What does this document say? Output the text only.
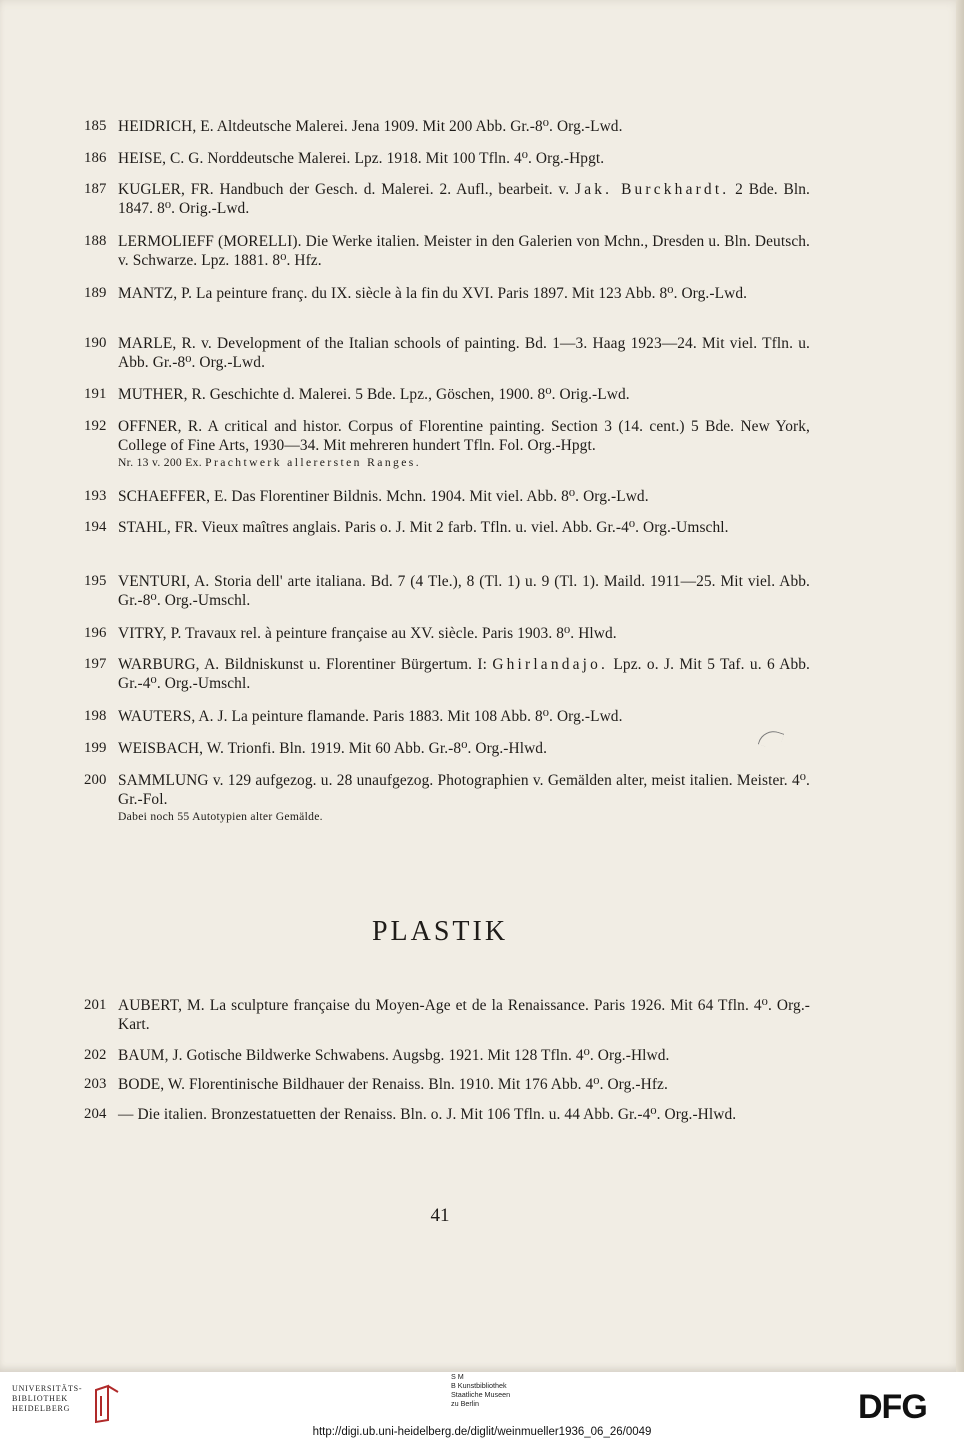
185 HEIDRICH, E. Altdeutsche Malerei. Jena 1909. Mit 200 Abb. Gr.-8⁰. Org.-Lwd.
186 HEISE, C. G. Norddeutsche Malerei. Lpz. 1918. Mit 100 Tfln. 4⁰. Org.-Hpgt.
187 KUGLER, FR. Handbuch der Gesch. d. Malerei. 2. Aufl., bearbeit. v. Jak. Burckhardt. 2 Bde. Bln. 1847. 8⁰. Orig.-Lwd.
188 LERMOLIEFF (MORELLI). Die Werke italien. Meister in den Galerien von Mchn., Dresden u. Bln. Deutsch. v. Schwarze. Lpz. 1881. 8⁰. Hfz.
189 MANTZ, P. La peinture franç. du IX. siècle à la fin du XVI. Paris 1897. Mit 123 Abb. 8⁰. Org.-Lwd.
190 MARLE, R. v. Development of the Italian schools of painting. Bd. 1—3. Haag 1923—24. Mit viel. Tfln. u. Abb. Gr.-8⁰. Org.-Lwd.
191 MUTHER, R. Geschichte d. Malerei. 5 Bde. Lpz., Göschen, 1900. 8⁰. Orig.-Lwd.
192 OFFNER, R. A critical and histor. Corpus of Florentine painting. Section 3 (14. cent.) 5 Bde. New York, College of Fine Arts, 1930—34. Mit mehreren hundert Tfln. Fol. Org.-Hpgt.
Nr. 13 v. 200 Ex. Prachtwerk allerersten Ranges.
193 SCHAEFFER, E. Das Florentiner Bildnis. Mchn. 1904. Mit viel. Abb. 8⁰. Org.-Lwd.
194 STAHL, FR. Vieux maîtres anglais. Paris o. J. Mit 2 farb. Tfln. u. viel. Abb. Gr.-4⁰. Org.-Umschl.
195 VENTURI, A. Storia dell' arte italiana. Bd. 7 (4 Tle.), 8 (Tl. 1) u. 9 (Tl. 1). Maild. 1911—25. Mit viel. Abb. Gr.-8⁰. Org.-Umschl.
196 VITRY, P. Travaux rel. à peinture française au XV. siècle. Paris 1903. 8⁰. Hlwd.
197 WARBURG, A. Bildniskunst u. Florentiner Bürgertum. I: Ghirlandajo. Lpz. o. J. Mit 5 Taf. u. 6 Abb. Gr.-4⁰. Org.-Umschl.
198 WAUTERS, A. J. La peinture flamande. Paris 1883. Mit 108 Abb. 8⁰. Org.-Lwd.
199 WEISBACH, W. Trionfi. Bln. 1919. Mit 60 Abb. Gr.-8⁰. Org.-Hlwd.
200 SAMMLUNG v. 129 aufgezog. u. 28 unaufgezog. Photographien v. Gemälden alter, meist italien. Meister. 4⁰. Gr.-Fol.
Dabei noch 55 Autotypien alter Gemälde.
PLASTIK
201 AUBERT, M. La sculpture française du Moyen-Age et de la Renaissance. Paris 1926. Mit 64 Tfln. 4⁰. Org.-Kart.
202 BAUM, J. Gotische Bildwerke Schwabens. Augsbg. 1921. Mit 128 Tfln. 4⁰. Org.-Hlwd.
203 BODE, W. Florentinische Bildhauer der Renaiss. Bln. 1910. Mit 176 Abb. 4⁰. Org.-Hfz.
204 — Die italien. Bronzestatuetten der Renaiss. Bln. o. J. Mit 106 Tfln. u. 44 Abb. Gr.-4⁰. Org.-Hlwd.
41
UNIVERSITÄTS-
BIBLIOTHEK
HEIDELBERG
S M
B Kunstbibliothek
Staatliche Museen
zu Berlin	DFG
http://digi.ub.uni-heidelberg.de/diglit/weinmueller1936_06_26/0049
